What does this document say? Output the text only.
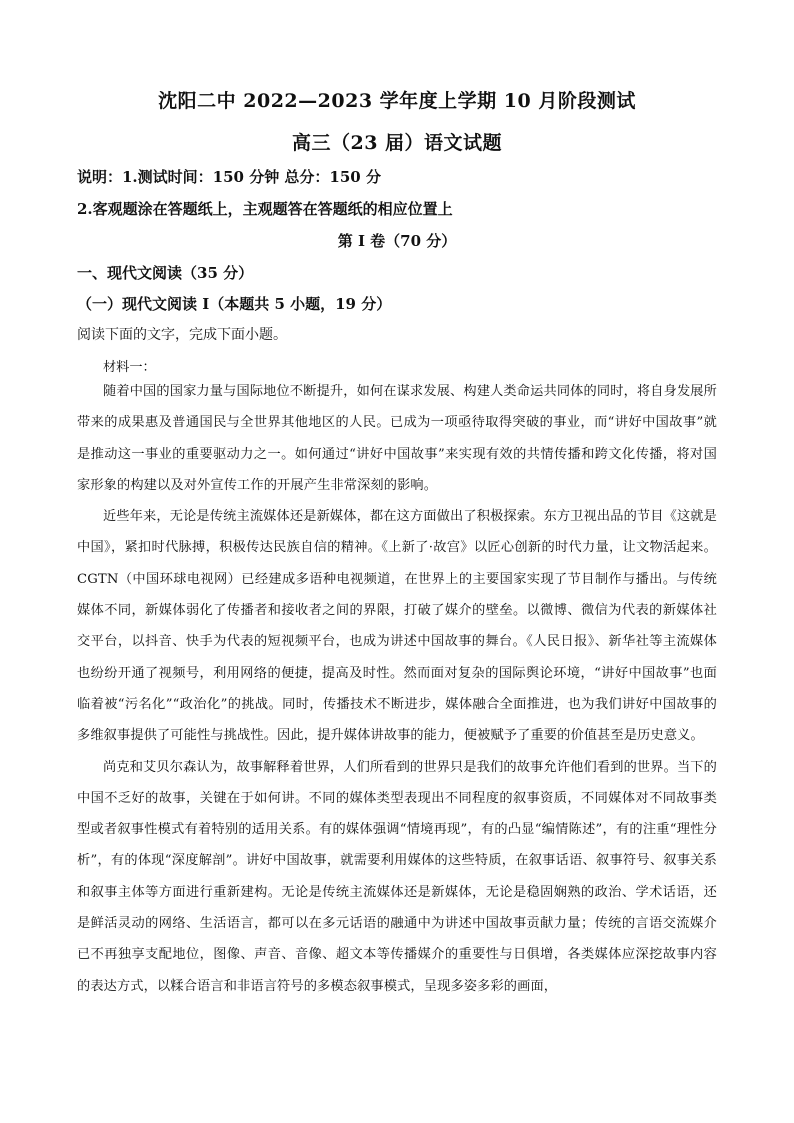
沈阳二中 2022—2023 学年度上学期 10 月阶段测试
高三（23 届）语文试题
说明：1.测试时间：150 分钟 总分：150 分
2.客观题涂在答题纸上，主观题答在答题纸的相应位置上
第 I 卷（70 分）
一、现代文阅读（35 分）
（一）现代文阅读 I（本题共 5 小题，19 分）
阅读下面的文字，完成下面小题。
材料一：

随着中国的国家力量与国际地位不断提升，如何在谋求发展、构建人类命运共同体的同时，将自身发展所带来的成果惠及普通国民与全世界其他地区的人民。已成为一项亟待取得突破的事业，而“讲好中国故事”就是推动这一事业的重要驱动力之一。如何通过“讲好中国故事”来实现有效的共情传播和跨文化传播，将对国家形象的构建以及对外宣传工作的开展产生非常深刻的影响。

近些年来，无论是传统主流媒体还是新媒体，都在这方面做出了积极探索。东方卫视出品的节目《这就是中国》，紧扣时代脉搏，积极传达民族自信的精神。《上新了·故宫》以匠心创新的时代力量，让文物活起来。CGTN（中国环球电视网）已经建成多语种电视频道，在世界上的主要国家实现了节目制作与播出。与传统媒体不同，新媒体弱化了传播者和接收者之间的界限，打破了媒介的壁垒。以微博、微信为代表的新媒体社交平台，以抖音、快手为代表的短视频平台，也成为讲述中国故事的舞台。《人民日报》、新华社等主流媒体也纷纷开通了视频号，利用网络的便捷，提高及时性。然而面对复杂的国际舆论环境，“讲好中国故事”也面临着被“污名化”“政治化”的挑战。同时，传播技术不断进步，媒体融合全面推进，也为我们讲好中国故事的多维叙事提供了可能性与挑战性。因此，提升媒体讲故事的能力，便被赋予了重要的价值甚至是历史意义。

尚克和艾贝尔森认为，故事解释着世界，人们所看到的世界只是我们的故事允许他们看到的世界。当下的中国不乏好的故事，关键在于如何讲。不同的媒体类型表现出不同程度的叙事资质，不同媒体对不同故事类型或者叙事性模式有着特别的适用关系。有的媒体强调“情境再现”，有的凸显“编情陈述”，有的注重“理性分析”，有的体现“深度解剖”。讲好中国故事，就需要利用媒体的这些特质，在叙事话语、叙事符号、叙事关系和叙事主体等方面进行重新建构。无论是传统主流媒体还是新媒体，无论是稳固娴熟的政治、学术话语，还是鲜活灵动的网络、生活语言，都可以在多元话语的融通中为讲述中国故事贡献力量；传统的言语交流媒介已不再独享支配地位，图像、声音、音像、超文本等传播媒介的重要性与日俱增，各类媒体应深挖故事内容的表达方式，以糅合语言和非语言符号的多模态叙事模式，呈现多姿多彩的画面，
